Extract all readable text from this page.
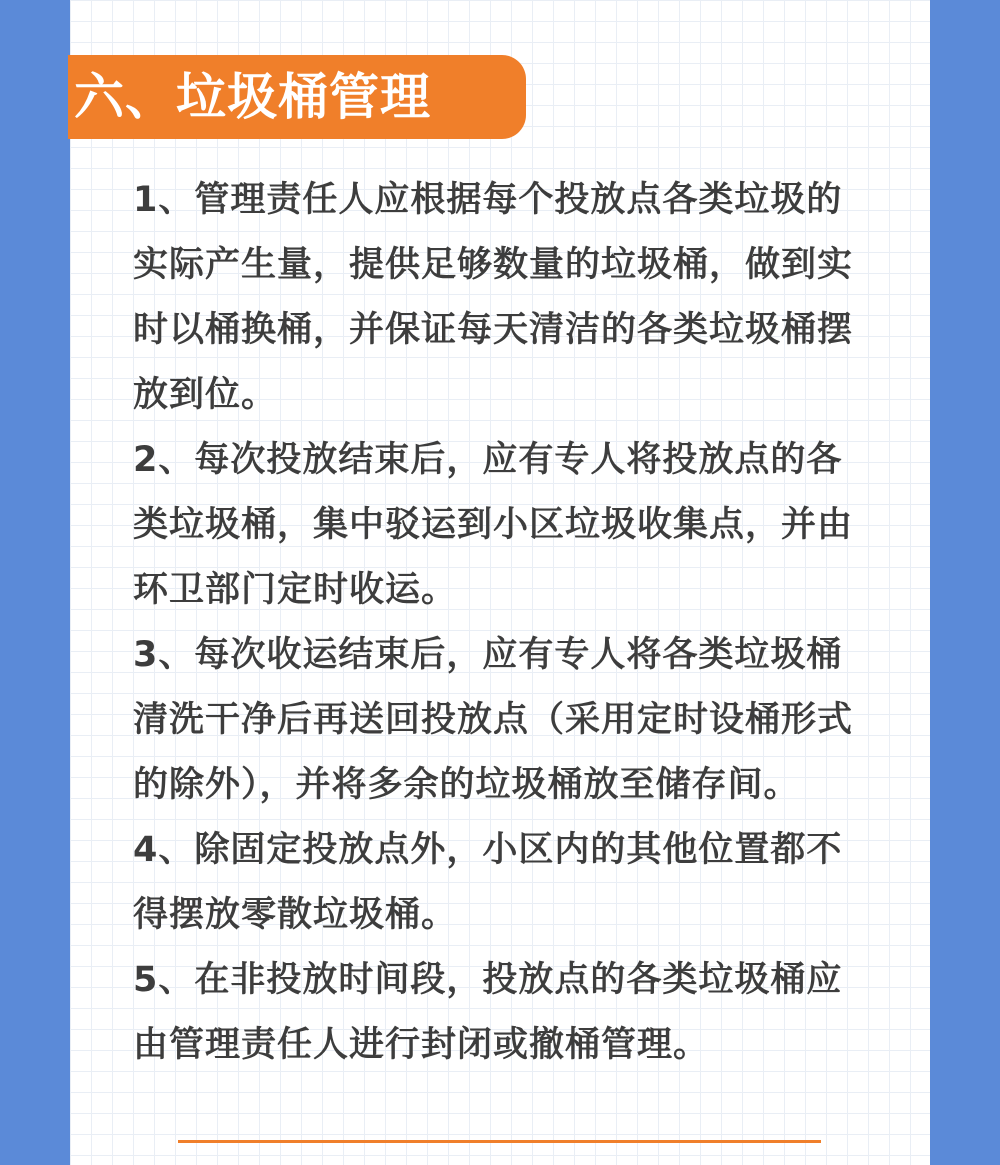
六、垃圾桶管理

1、管理责任人应根据每个投放点各类垃圾的实际产生量，提供足够数量的垃圾桶，做到实时以桶换桶，并保证每天清洁的各类垃圾桶摆放到位。

2、每次投放结束后，应有专人将投放点的各类垃圾桶，集中驳运到小区垃圾收集点，并由环卫部门定时收运。

3、每次收运结束后，应有专人将各类垃圾桶清洗干净后再送回投放点（采用定时设桶形式的除外），并将多余的垃圾桶放至储存间。

4、除固定投放点外，小区内的其他位置都不得摆放零散垃圾桶。

5、在非投放时间段，投放点的各类垃圾桶应由管理责任人进行封闭或撤桶管理。
